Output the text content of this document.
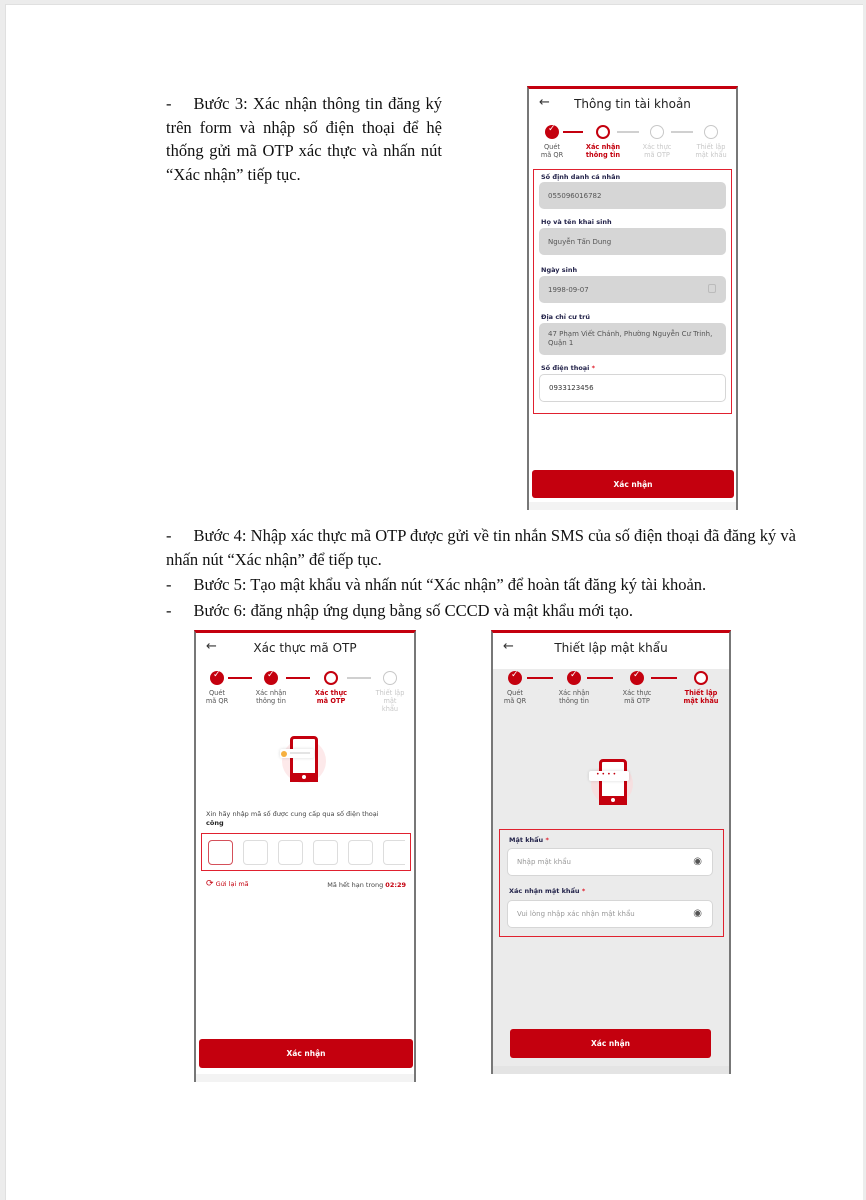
- Bước 3: Xác nhận thông tin đăng ký trên form và nhập số điện thoại để hệ thống gửi mã OTP xác thực và nhấn nút “Xác nhận” tiếp tục.
- Bước 4: Nhập xác thực mã OTP được gửi về tin nhắn SMS của số điện thoại đã đăng ký và nhấn nút “Xác nhận” để tiếp tục.
- Bước 5: Tạo mật khẩu và nhấn nút “Xác nhận” để hoàn tất đăng ký tài khoản.
- Bước 6: đăng nhập ứng dụng bằng số CCCD và mật khẩu mới tạo.
←	Thông tin tài khoản
✓
Quét
mã QR
Xác nhận
thông tin
Xác thực
mã OTP
Thiết lập
mật khẩu
Số định danh cá nhân
055096016782
Họ và tên khai sinh
Nguyễn Tấn Dung
Ngày sinh
1998-09-07
Địa chỉ cư trú
47 Phạm Viết Chánh, Phường Nguyễn Cư Trinh, Quận 1
Số điện thoại *
0933123456
Xác nhận
←	Xác thực mã OTP
✓
✓
Quét
mã QR
Xác nhận
thông tin
Xác thực
mã OTP
Thiết lập
mật
khẩu
Xin hãy nhập mã số được cung cấp qua số điện thoại
công
⟳ Gửi lại mã	Mã hết hạn trong 02:29
Xác nhận
←	Thiết lập mật khẩu
✓
✓
✓
Quét
mã QR
Xác nhận
thông tin
Xác thực
mã OTP
Thiết lập
mật khẩu
••••
Mật khẩu *
Nhập mật khẩu	◉
Xác nhận mật khẩu *
Vui lòng nhập xác nhận mật khẩu	◉
Xác nhận
